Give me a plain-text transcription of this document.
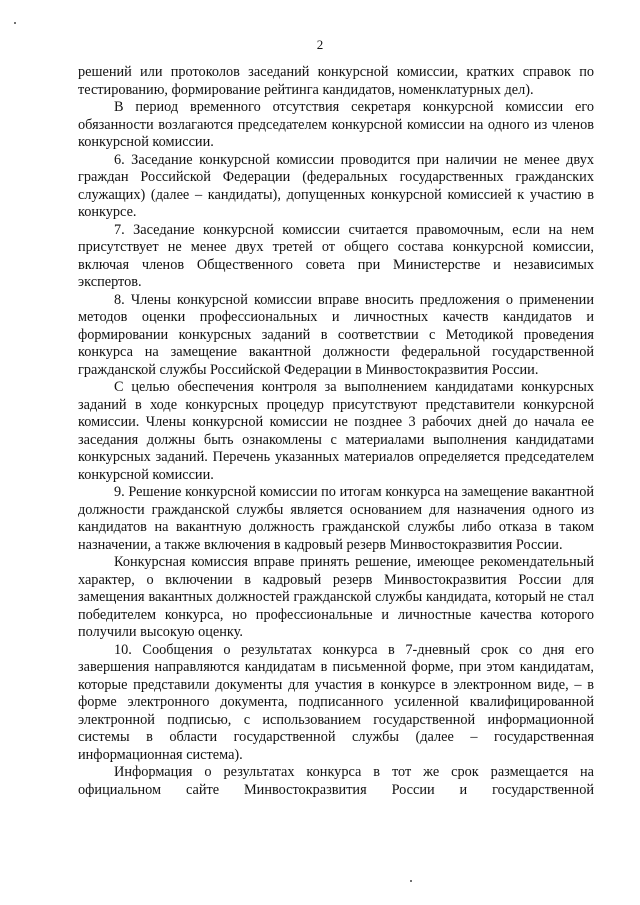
2

решений или протоколов заседаний конкурсной комиссии, кратких справок по тестированию, формирование рейтинга кандидатов, номенклатурных дел).

В период временного отсутствия секретаря конкурсной комиссии его обязанности возлагаются председателем конкурсной комиссии на одного из членов конкурсной комиссии.

6. Заседание конкурсной комиссии проводится при наличии не менее двух граждан Российской Федерации (федеральных государственных гражданских служащих) (далее – кандидаты), допущенных конкурсной комиссией к участию в конкурсе.

7. Заседание конкурсной комиссии считается правомочным, если на нем присутствует не менее двух третей от общего состава конкурсной комиссии, включая членов Общественного совета при Министерстве и независимых экспертов.

8. Члены конкурсной комиссии вправе вносить предложения о применении методов оценки профессиональных и личностных качеств кандидатов и формировании конкурсных заданий в соответствии с Методикой проведения конкурса на замещение вакантной должности федеральной государственной гражданской службы Российской Федерации в Минвостокразвития России.

С целью обеспечения контроля за выполнением кандидатами конкурсных заданий в ходе конкурсных процедур присутствуют представители конкурсной комиссии. Члены конкурсной комиссии не позднее 3 рабочих дней до начала ее заседания должны быть ознакомлены с материалами выполнения кандидатами конкурсных заданий. Перечень указанных материалов определяется председателем конкурсной комиссии.

9. Решение конкурсной комиссии по итогам конкурса на замещение вакантной должности гражданской службы является основанием для назначения одного из кандидатов на вакантную должность гражданской службы либо отказа в таком назначении, а также включения в кадровый резерв Минвостокразвития России.

Конкурсная комиссия вправе принять решение, имеющее рекомендательный характер, о включении в кадровый резерв Минвостокразвития России для замещения вакантных должностей гражданской службы кандидата, который не стал победителем конкурса, но профессиональные и личностные качества которого получили высокую оценку.

10. Сообщения о результатах конкурса в 7-дневный срок со дня его завершения направляются кандидатам в письменной форме, при этом кандидатам, которые представили документы для участия в конкурсе в электронном виде, – в форме электронного документа, подписанного усиленной квалифицированной электронной подписью, с использованием государственной информационной системы в области государственной службы (далее – государственная информационная система).

Информация о результатах конкурса в тот же срок размещается на официальном сайте Минвостокразвития России и государственной
